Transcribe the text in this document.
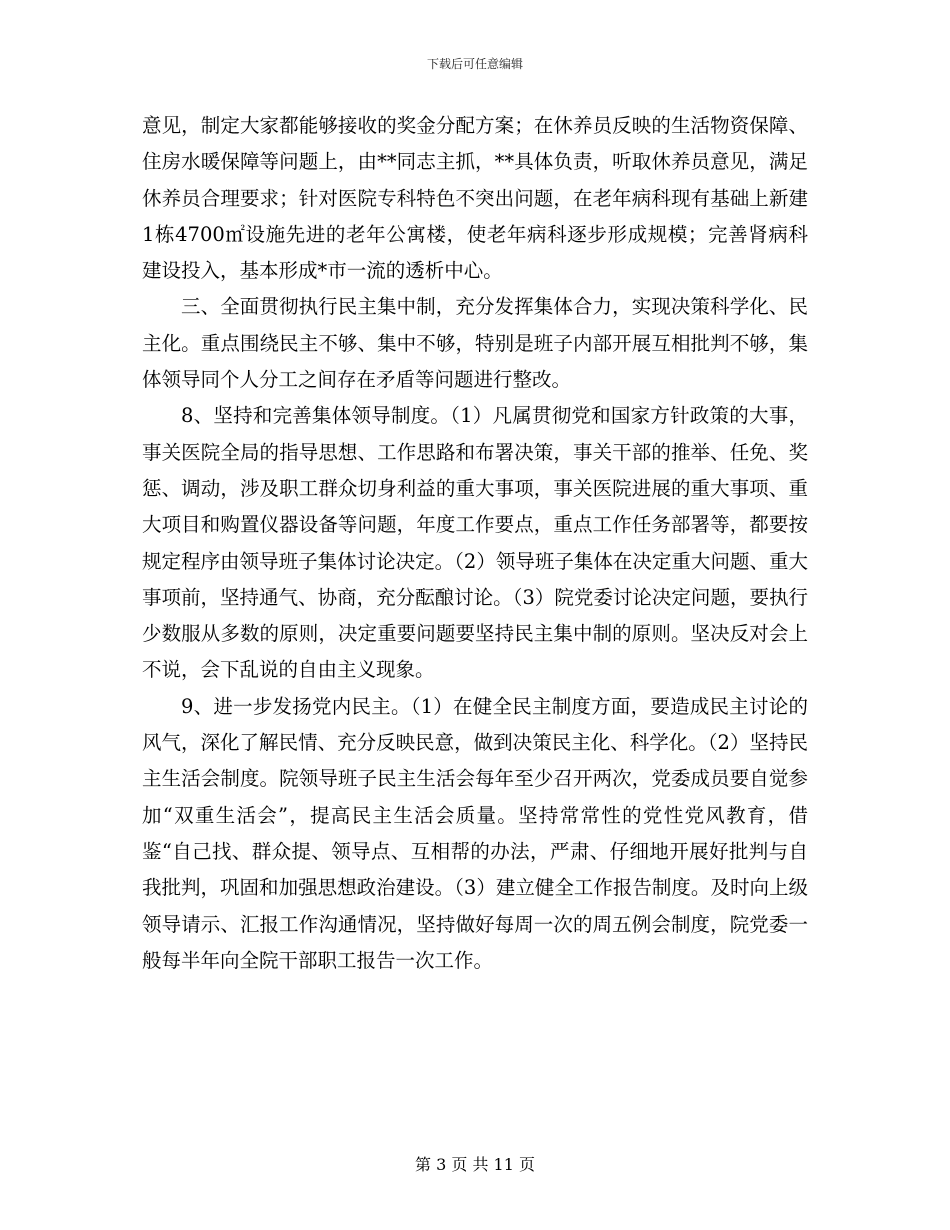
下载后可任意编辑

意见，制定大家都能够接收的奖金分配方案；在休养员反映的生活物资保障、住房水暖保障等问题上，由**同志主抓，**具体负责，听取休养员意见，满足休养员合理要求；针对医院专科特色不突出问题，在老年病科现有基础上新建1栋4700㎡设施先进的老年公寓楼，使老年病科逐步形成规模；完善肾病科建设投入，基本形成*市一流的透析中心。

三、全面贯彻执行民主集中制，充分发挥集体合力，实现决策科学化、民主化。重点围绕民主不够、集中不够，特别是班子内部开展互相批判不够，集体领导同个人分工之间存在矛盾等问题进行整改。

8、坚持和完善集体领导制度。（1）凡属贯彻党和国家方针政策的大事，事关医院全局的指导思想、工作思路和布署决策，事关干部的推举、任免、奖惩、调动，涉及职工群众切身利益的重大事项，事关医院进展的重大事项、重大项目和购置仪器设备等问题，年度工作要点，重点工作任务部署等，都要按规定程序由领导班子集体讨论决定。（2）领导班子集体在决定重大问题、重大事项前，坚持通气、协商，充分酝酿讨论。（3）院党委讨论决定问题，要执行少数服从多数的原则，决定重要问题要坚持民主集中制的原则。坚决反对会上不说，会下乱说的自由主义现象。

9、进一步发扬党内民主。（1）在健全民主制度方面，要造成民主讨论的风气，深化了解民情、充分反映民意，做到决策民主化、科学化。（2）坚持民主生活会制度。院领导班子民主生活会每年至少召开两次，党委成员要自觉参加“双重生活会”，提高民主生活会质量。坚持常常性的党性党风教育，借鉴“自己找、群众提、领导点、互相帮的办法，严肃、仔细地开展好批判与自我批判，巩固和加强思想政治建设。（3）建立健全工作报告制度。及时向上级领导请示、汇报工作沟通情况，坚持做好每周一次的周五例会制度，院党委一般每半年向全院干部职工报告一次工作。

第 3 页 共 11 页
